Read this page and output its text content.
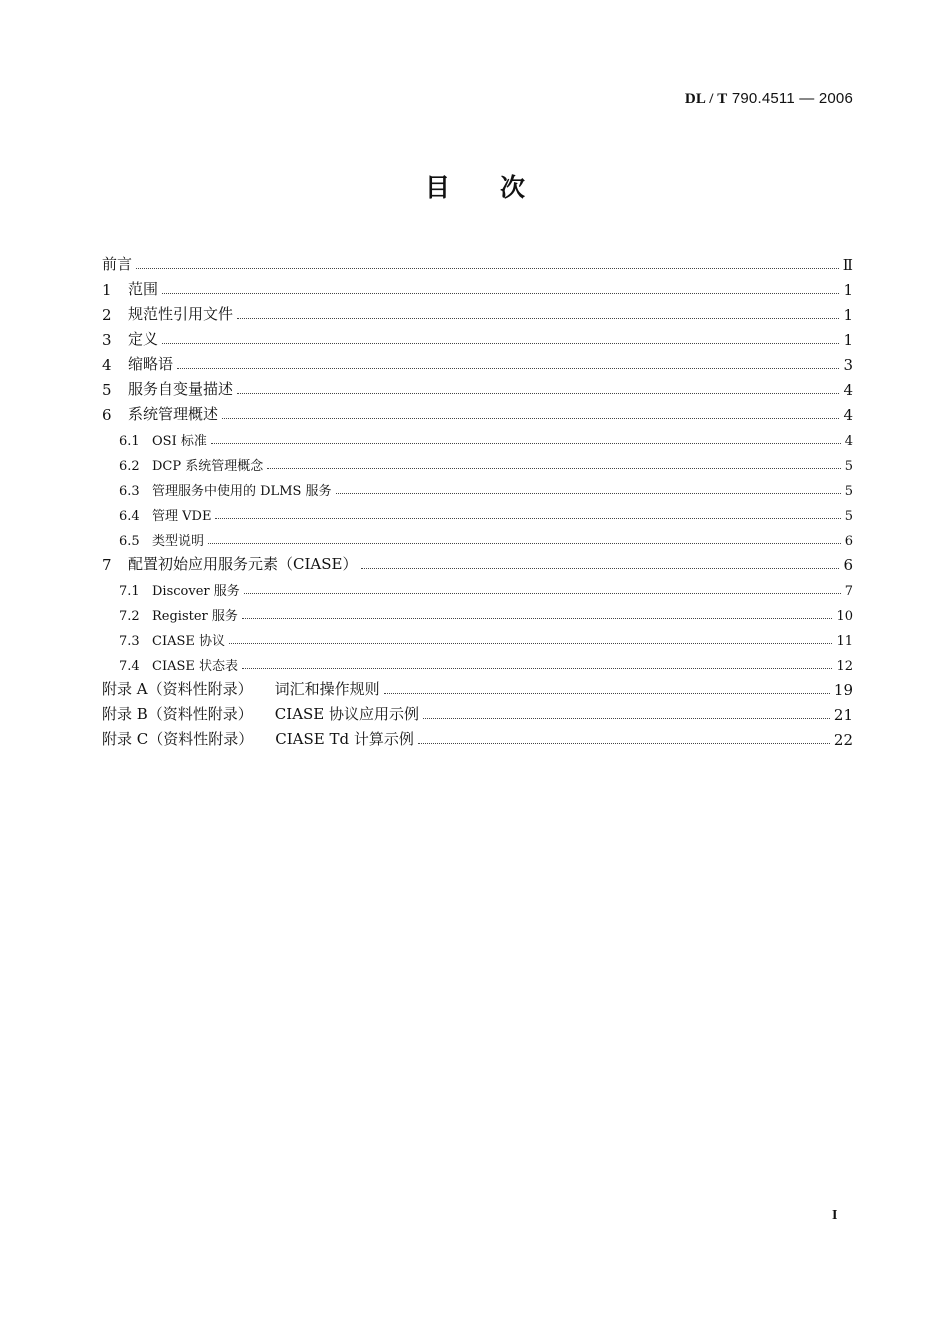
DL / T 790.4511 — 2006
目 次
前言	Ⅱ
1	范围	1
2	规范性引用文件	1
3	定义	1
4	缩略语	3
5	服务自变量描述	4
6	系统管理概述	4
6.1 OSI 标准	4
6.2 DCP 系统管理概念	5
6.3 管理服务中使用的 DLMS 服务	5
6.4 管理 VDE	5
6.5 类型说明	6
7	配置初始应用服务元素（CIASE）	6
7.1 Discover 服务	7
7.2 Register 服务	10
7.3 CIASE 协议	11
7.4 CIASE 状态表	12
附录 A（资料性附录） 词汇和操作规则	19
附录 B（资料性附录） CIASE 协议应用示例	21
附录 C（资料性附录） CIASE Td 计算示例	22
I
